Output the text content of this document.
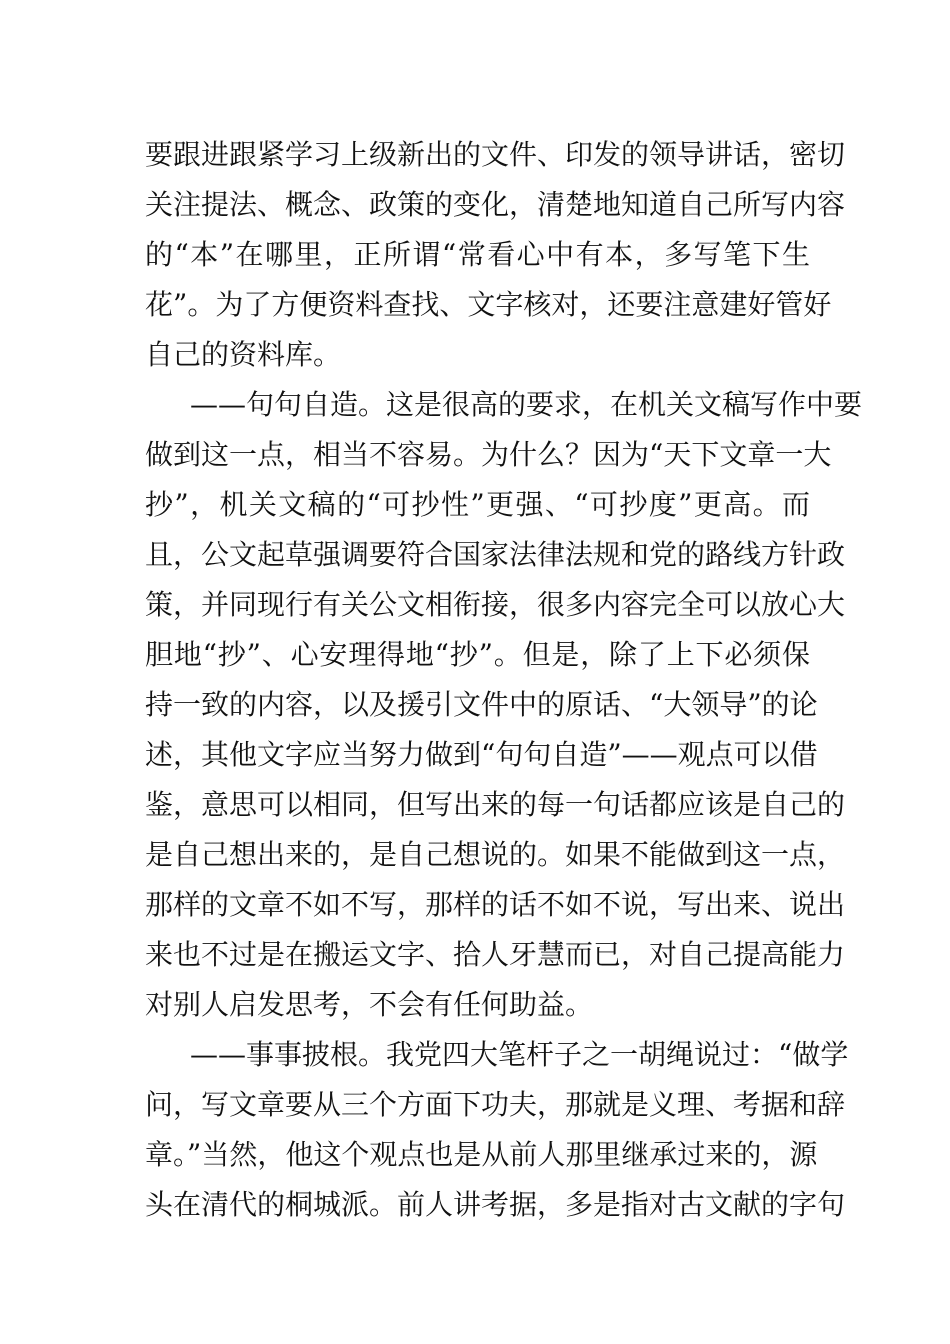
要跟进跟紧学习上级新出的文件、印发的领导讲话，密切
关注提法、概念、政策的变化，清楚地知道自己所写内容
的“本”在哪里，正所谓“常看心中有本，多写笔下生
花”。为了方便资料查找、文字核对，还要注意建好管好
自己的资料库。
——句句自造。这是很高的要求，在机关文稿写作中要
做到这一点，相当不容易。为什么？因为“天下文章一大
抄”，机关文稿的“可抄性”更强、“可抄度”更高。而
且，公文起草强调要符合国家法律法规和党的路线方针政
策，并同现行有关公文相衔接，很多内容完全可以放心大
胆地“抄”、心安理得地“抄”。但是，除了上下必须保
持一致的内容，以及援引文件中的原话、“大领导”的论
述，其他文字应当努力做到“句句自造”——观点可以借
鉴，意思可以相同，但写出来的每一句话都应该是自己的
是自己想出来的，是自己想说的。如果不能做到这一点，
那样的文章不如不写，那样的话不如不说，写出来、说出
来也不过是在搬运文字、拾人牙慧而已，对自己提高能力
对别人启发思考，不会有任何助益。
——事事披根。我党四大笔杆子之一胡绳说过：“做学
问，写文章要从三个方面下功夫，那就是义理、考据和辞
章。”当然，他这个观点也是从前人那里继承过来的，源
头在清代的桐城派。前人讲考据，多是指对古文献的字句
